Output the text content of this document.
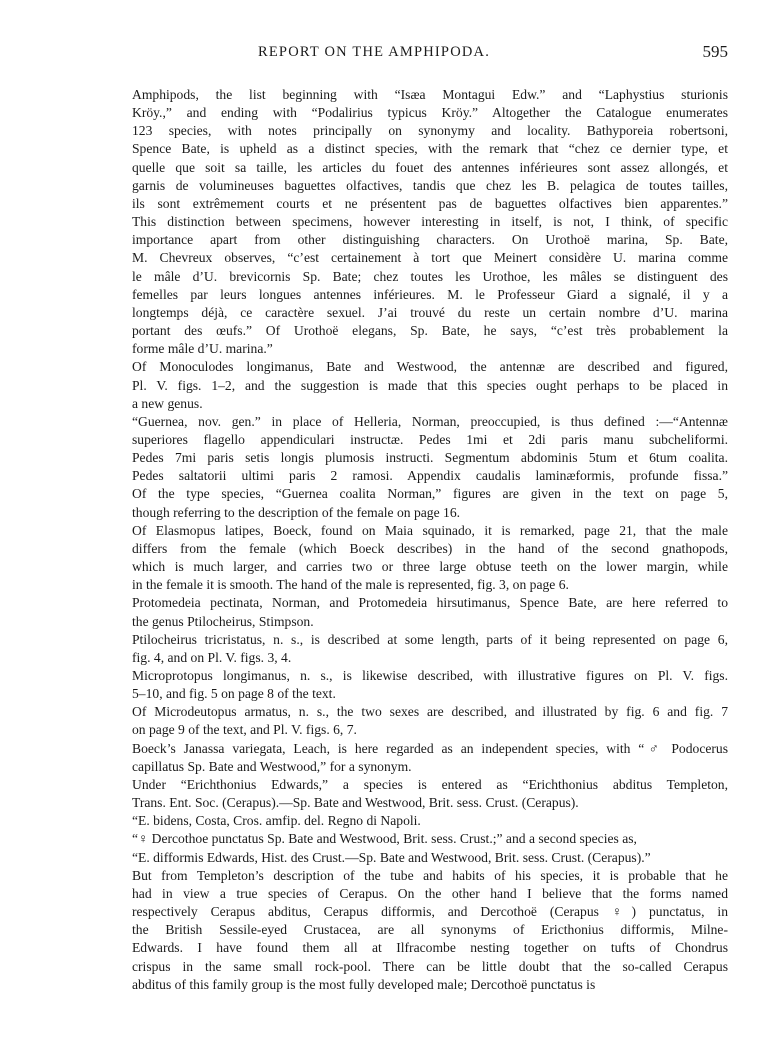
REPORT ON THE AMPHIPODA.	595
Amphipods, the list beginning with “Isæa Montagui Edw.” and “Laphystius sturionis
Kröy.,” and ending with “Podalirius typicus Kröy.” Altogether the Catalogue enumerates
123 species, with notes principally on synonymy and locality. Bathyporeia robertsoni,
Spence Bate, is upheld as a distinct species, with the remark that “chez ce dernier type, et
quelle que soit sa taille, les articles du fouet des antennes inférieures sont assez allongés, et
garnis de volumineuses baguettes olfactives, tandis que chez les B. pelagica de toutes tailles,
ils sont extrêmement courts et ne présentent pas de baguettes olfactives bien apparentes.”
This distinction between specimens, however interesting in itself, is not, I think, of specific
importance apart from other distinguishing characters. On Urothoë marina, Sp. Bate,
M. Chevreux observes, “c’est certainement à tort que Meinert considère U. marina comme
le mâle d’U. brevicornis Sp. Bate; chez toutes les Urothoe, les mâles se distinguent des
femelles par leurs longues antennes inférieures. M. le Professeur Giard a signalé, il y a
longtemps déjà, ce caractère sexuel. J’ai trouvé du reste un certain nombre d’U. marina
portant des œufs.” Of Urothoë elegans, Sp. Bate, he says, “c’est très probablement la
forme mâle d’U. marina.”
Of Monoculodes longimanus, Bate and Westwood, the antennæ are described and figured,
Pl. V. figs. 1–2, and the suggestion is made that this species ought perhaps to be placed in
a new genus.
“Guernea, nov. gen.” in place of Helleria, Norman, preoccupied, is thus defined :—“Antennæ
superiores flagello appendiculari instructæ. Pedes 1mi et 2di paris manu subcheliformi.
Pedes 7mi paris setis longis plumosis instructi. Segmentum abdominis 5tum et 6tum coalita.
Pedes saltatorii ultimi paris 2 ramosi. Appendix caudalis laminæformis, profunde fissa.”
Of the type species, “Guernea coalita Norman,” figures are given in the text on page 5,
though referring to the description of the female on page 16.
Of Elasmopus latipes, Boeck, found on Maia squinado, it is remarked, page 21, that the male
differs from the female (which Boeck describes) in the hand of the second gnathopods,
which is much larger, and carries two or three large obtuse teeth on the lower margin, while
in the female it is smooth. The hand of the male is represented, fig. 3, on page 6.
Protomedeia pectinata, Norman, and Protomedeia hirsutimanus, Spence Bate, are here referred to
the genus Ptilocheirus, Stimpson.
Ptilocheirus tricristatus, n. s., is described at some length, parts of it being represented on page 6,
fig. 4, and on Pl. V. figs. 3, 4.
Microprotopus longimanus, n. s., is likewise described, with illustrative figures on Pl. V. figs.
5–10, and fig. 5 on page 8 of the text.
Of Microdeutopus armatus, n. s., the two sexes are described, and illustrated by fig. 6 and fig. 7
on page 9 of the text, and Pl. V. figs. 6, 7.
Boeck’s Janassa variegata, Leach, is here regarded as an independent species, with “♂ Podocerus
capillatus Sp. Bate and Westwood,” for a synonym.
Under “Erichthonius Edwards,” a species is entered as “Erichthonius abditus Templeton,
Trans. Ent. Soc. (Cerapus).—Sp. Bate and Westwood, Brit. sess. Crust. (Cerapus).
“E. bidens, Costa, Cros. amfip. del. Regno di Napoli.
“♀ Dercothoe punctatus Sp. Bate and Westwood, Brit. sess. Crust.;” and a second species as,
“E. difformis Edwards, Hist. des Crust.—Sp. Bate and Westwood, Brit. sess. Crust. (Cerapus).”
But from Templeton’s description of the tube and habits of his species, it is probable that he
had in view a true species of Cerapus. On the other hand I believe that the forms named
respectively Cerapus abditus, Cerapus difformis, and Dercothoë (Cerapus ♀) punctatus, in
the British Sessile-eyed Crustacea, are all synonyms of Ericthonius difformis, Milne-
Edwards. I have found them all at Ilfracombe nesting together on tufts of Chondrus
crispus in the same small rock-pool. There can be little doubt that the so-called Cerapus
abditus of this family group is the most fully developed male; Dercothoë punctatus is
